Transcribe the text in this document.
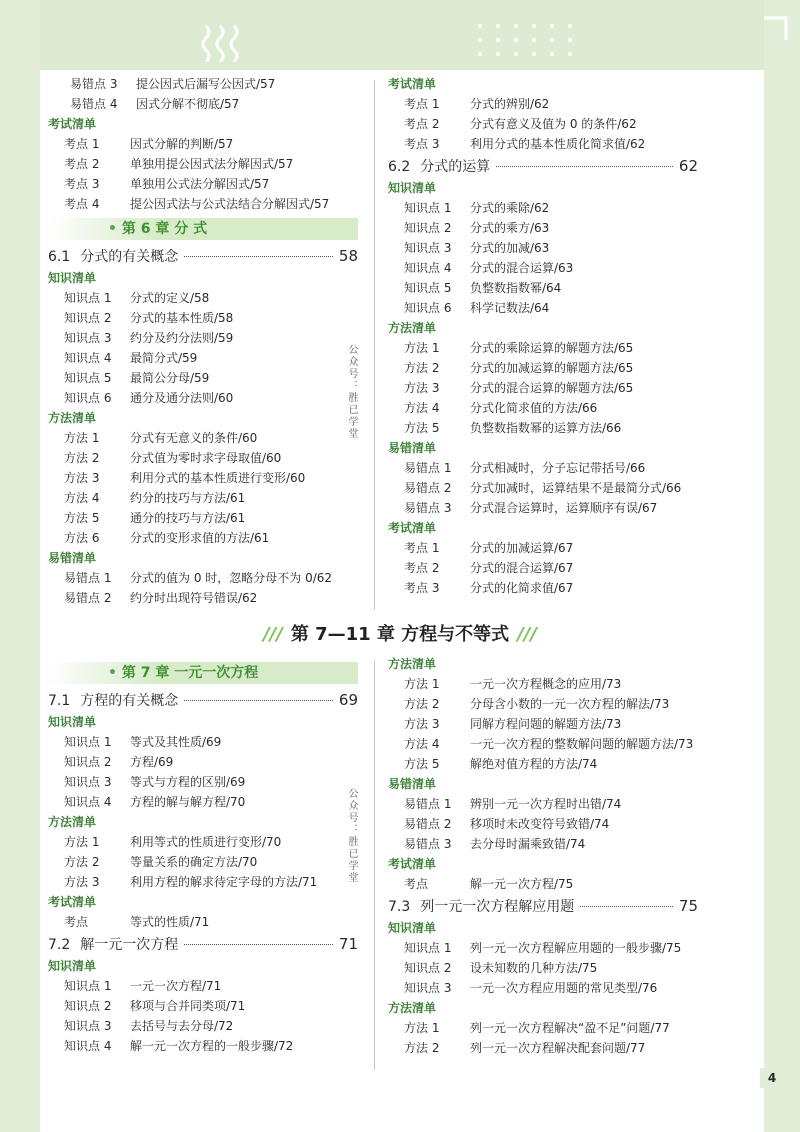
易错点 3 提公因式后漏写公因式/57
易错点 4 因式分解不彻底/57
考试清单
考点 1	因式分解的判断/57
考点 2	单独用提公因式法分解因式/57
考点 3	单独用公式法分解因式/57
考点 4	提公因式法与公式法结合分解因式/57
• 第 6 章 分 式
6.1 分式的有关概念	58
知识清单
知识点 1 分式的定义/58
知识点 2 分式的基本性质/58
知识点 3 约分及约分法则/59
知识点 4 最简分式/59
知识点 5 最简公分母/59
知识点 6 通分及通分法则/60
方法清单
方法 1	分式有无意义的条件/60
方法 2	分式值为零时求字母取值/60
方法 3	利用分式的基本性质进行变形/60
方法 4	约分的技巧与方法/61
方法 5	通分的技巧与方法/61
方法 6	分式的变形求值的方法/61
易错清单
易错点 1 分式的值为 0 时，忽略分母不为 0/62
易错点 2 约分时出现符号错误/62
考试清单
考点 1	分式的辨别/62
考点 2	分式有意义及值为 0 的条件/62
考点 3	利用分式的基本性质化简求值/62
6.2 分式的运算	62
知识清单
知识点 1 分式的乘除/62
知识点 2 分式的乘方/63
知识点 3 分式的加减/63
知识点 4 分式的混合运算/63
知识点 5 负整数指数幂/64
知识点 6 科学记数法/64
方法清单
方法 1	分式的乘除运算的解题方法/65
方法 2	分式的加减运算的解题方法/65
方法 3	分式的混合运算的解题方法/65
方法 4	分式化简求值的方法/66
方法 5	负整数指数幂的运算方法/66
易错清单
易错点 1 分式相减时，分子忘记带括号/66
易错点 2 分式加减时，运算结果不是最简分式/66
易错点 3 分式混合运算时，运算顺序有误/67
考试清单
考点 1	分式的加减运算/67
考点 2	分式的混合运算/67
考点 3	分式的化简求值/67
公众号：胜已学堂
/// 第 7—11 章 方程与不等式 ///
• 第 7 章 一元一次方程
7.1 方程的有关概念	69
知识清单
知识点 1 等式及其性质/69
知识点 2 方程/69
知识点 3 等式与方程的区别/69
知识点 4 方程的解与解方程/70
方法清单
方法 1	利用等式的性质进行变形/70
方法 2	等量关系的确定方法/70
方法 3	利用方程的解求待定字母的方法/71
考试清单
考点	等式的性质/71
7.2 解一元一次方程	71
知识清单
知识点 1 一元一次方程/71
知识点 2 移项与合并同类项/71
知识点 3 去括号与去分母/72
知识点 4 解一元一次方程的一般步骤/72
方法清单
方法 1	一元一次方程概念的应用/73
方法 2	分母含小数的一元一次方程的解法/73
方法 3	同解方程问题的解题方法/73
方法 4	一元一次方程的整数解问题的解题方法/73
方法 5	解绝对值方程的方法/74
易错清单
易错点 1 辨别一元一次方程时出错/74
易错点 2 移项时未改变符号致错/74
易错点 3 去分母时漏乘致错/74
考试清单
考点	解一元一次方程/75
7.3 列一元一次方程解应用题	75
知识清单
知识点 1 列一元一次方程解应用题的一般步骤/75
知识点 2 设未知数的几种方法/75
知识点 3 一元一次方程应用题的常见类型/76
方法清单
方法 1	列一元一次方程解决“盈不足”问题/77
方法 2	列一元一次方程解决配套问题/77
公众号：胜已学堂
4
